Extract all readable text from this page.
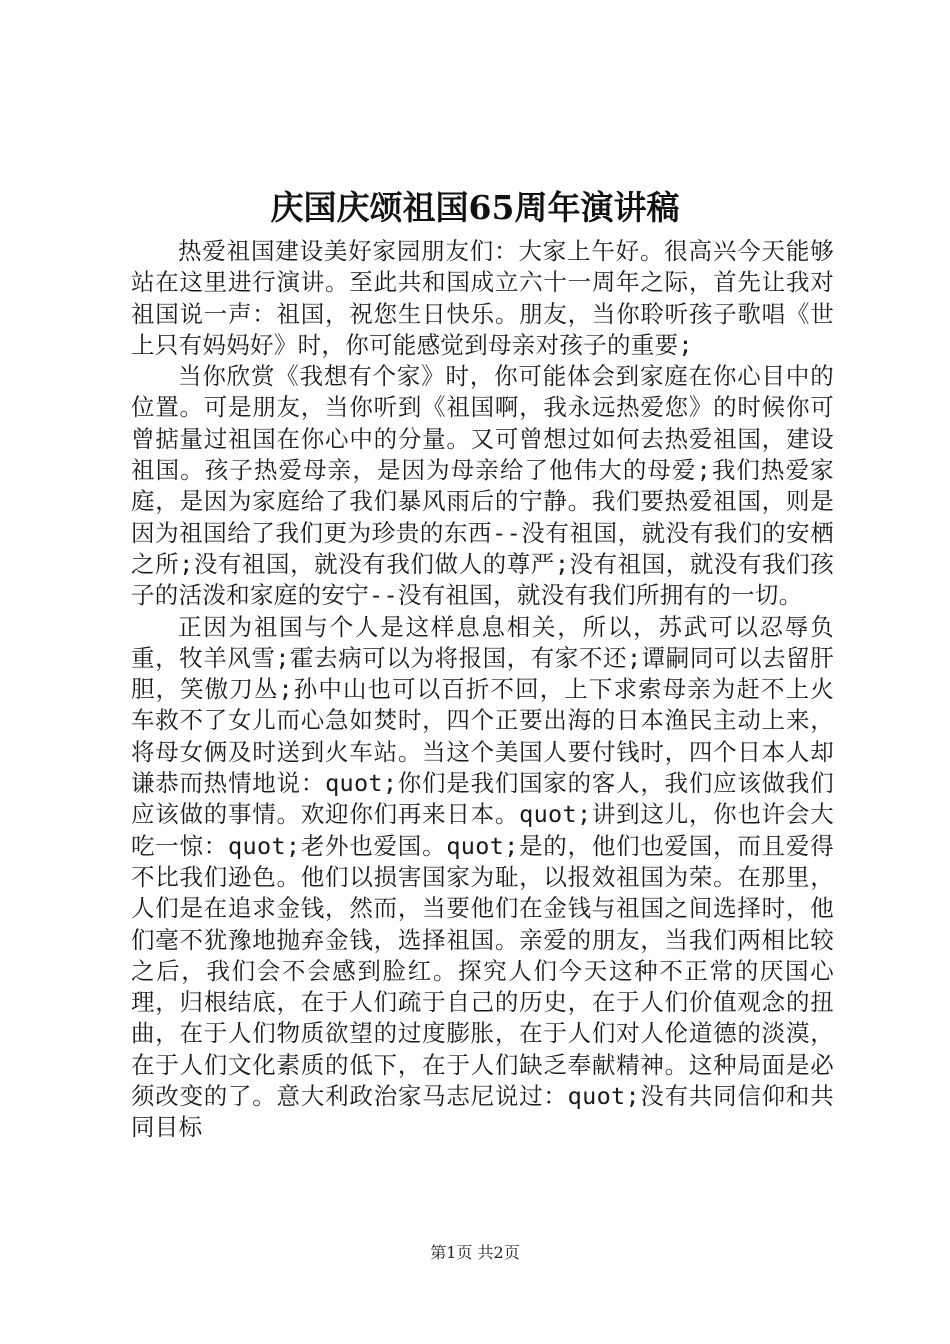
庆国庆颂祖国65周年演讲稿

热爱祖国建设美好家园朋友们：大家上午好。很高兴今天能够站在这里进行演讲。至此共和国成立六十一周年之际，首先让我对祖国说一声：祖国，祝您生日快乐。朋友，当你聆听孩子歌唱《世上只有妈妈好》时，你可能感觉到母亲对孩子的重要;

当你欣赏《我想有个家》时，你可能体会到家庭在你心目中的位置。可是朋友，当你听到《祖国啊，我永远热爱您》的时候你可曾掂量过祖国在你心中的分量。又可曾想过如何去热爱祖国，建设祖国。孩子热爱母亲，是因为母亲给了他伟大的母爱;我们热爱家庭，是因为家庭给了我们暴风雨后的宁静。我们要热爱祖国，则是因为祖国给了我们更为珍贵的东西--没有祖国，就没有我们的安栖之所;没有祖国，就没有我们做人的尊严;没有祖国，就没有我们孩子的活泼和家庭的安宁--没有祖国，就没有我们所拥有的一切。

正因为祖国与个人是这样息息相关，所以，苏武可以忍辱负重，牧羊风雪;霍去病可以为将报国，有家不还;谭嗣同可以去留肝胆，笑傲刀丛;孙中山也可以百折不回，上下求索母亲为赶不上火车救不了女儿而心急如焚时，四个正要出海的日本渔民主动上来，将母女俩及时送到火车站。当这个美国人要付钱时，四个日本人却谦恭而热情地说：quot;你们是我们国家的客人，我们应该做我们应该做的事情。欢迎你们再来日本。quot;讲到这儿，你也许会大吃一惊：quot;老外也爱国。quot;是的，他们也爱国，而且爱得不比我们逊色。他们以损害国家为耻，以报效祖国为荣。在那里，人们是在追求金钱，然而，当要他们在金钱与祖国之间选择时，他们毫不犹豫地抛弃金钱，选择祖国。亲爱的朋友，当我们两相比较之后，我们会不会感到脸红。探究人们今天这种不正常的厌国心理，归根结底，在于人们疏于自己的历史，在于人们价值观念的扭曲，在于人们物质欲望的过度膨胀，在于人们对人伦道德的淡漠，在于人们文化素质的低下，在于人们缺乏奉献精神。这种局面是必须改变的了。意大利政治家马志尼说过：quot;没有共同信仰和共同目标

第1页 共2页
